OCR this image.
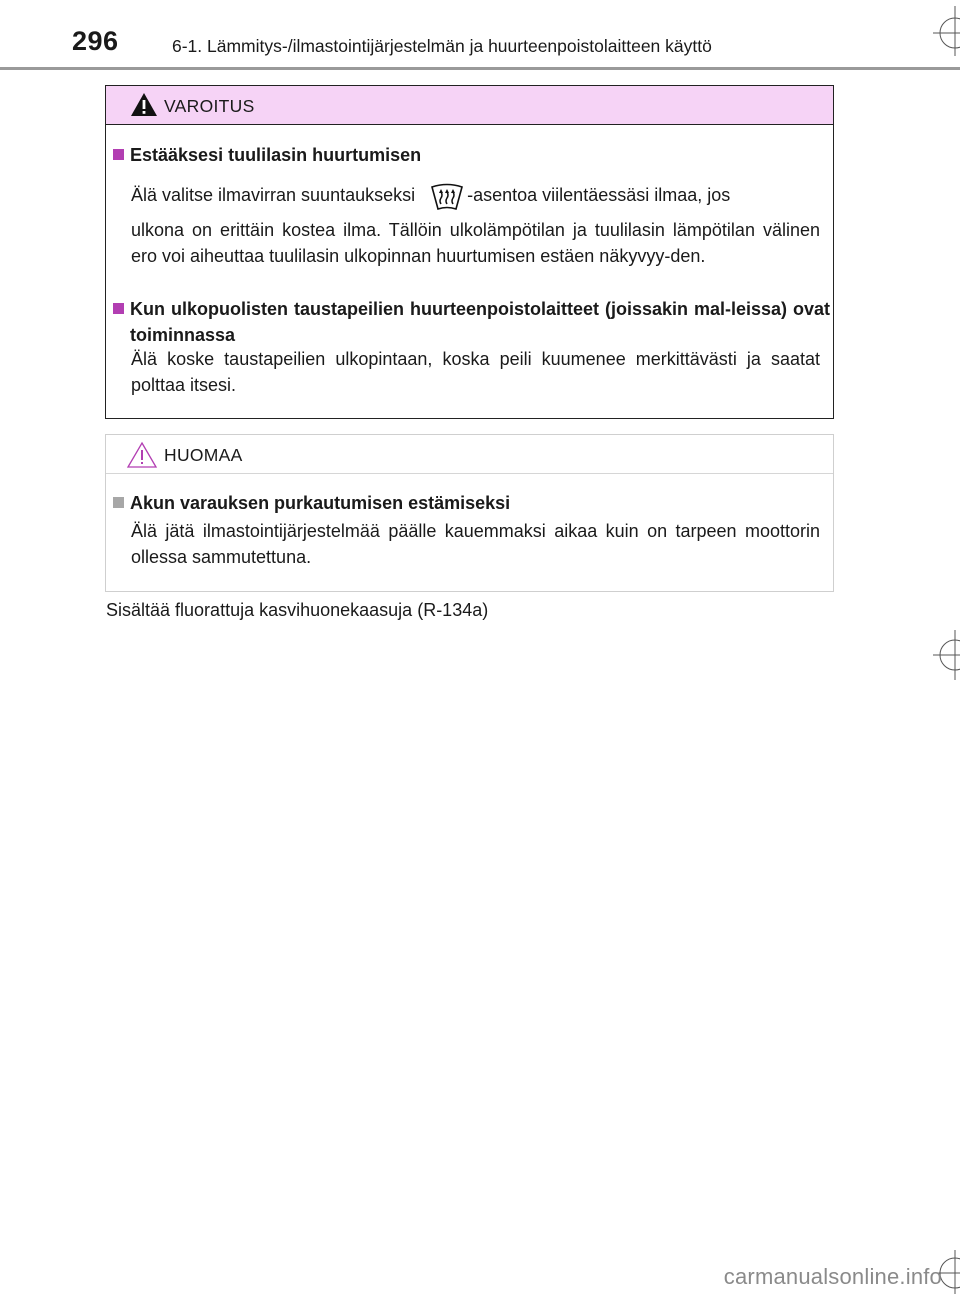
296	6-1. Lämmitys-/ilmastointijärjestelmän ja huurteenpoistolaitteen käyttö
VAROITUS
Estääksesi tuulilasin huurtumisen
Älä valitse ilmavirran suuntaukseksi	-asentoa viilentäessäsi ilmaa, jos
ulkona on erittäin kostea ilma. Tällöin ulkolämpötilan ja tuulilasin lämpötilan välinen ero voi aiheuttaa tuulilasin ulkopinnan huurtumisen estäen näkyvyy-den.
Kun ulkopuolisten taustapeilien huurteenpoistolaitteet (joissakin mal-leissa) ovat toiminnassa
Älä koske taustapeilien ulkopintaan, koska peili kuumenee merkittävästi ja saatat polttaa itsesi.
HUOMAA
Akun varauksen purkautumisen estämiseksi
Älä jätä ilmastointijärjestelmää päälle kauemmaksi aikaa kuin on tarpeen moottorin ollessa sammutettuna.
Sisältää fluorattuja kasvihuonekaasuja (R-134a)
carmanualsonline.info
